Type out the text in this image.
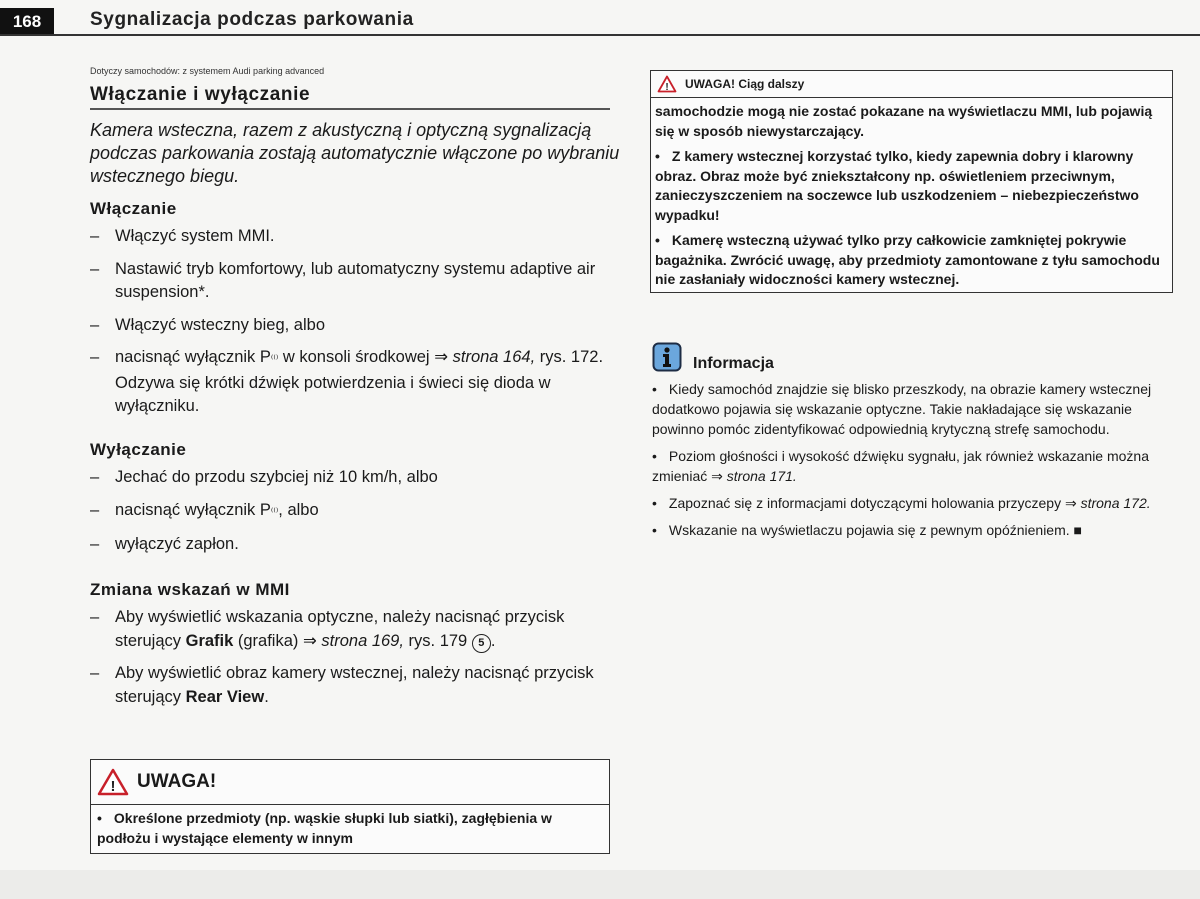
168	Sygnalizacja podczas parkowania
Dotyczy samochodów: z systemem Audi parking advanced
Włączanie i wyłączanie
Kamera wsteczna, razem z akustyczną i optyczną sygnalizacją podczas parkowania zostają automatycznie włączone po wybraniu wstecznego biegu.
Włączanie
– Włączyć system MMI.
– Nastawić tryb komfortowy, lub automatyczny systemu adaptive air suspension*.
– Włączyć wsteczny bieg, albo
– nacisnąć wyłącznik P⁽⁽⁾ w konsoli środkowej ⇒ strona 164, rys. 172. Odzywa się krótki dźwięk potwierdzenia i świeci się dioda w wyłączniku.
Wyłączanie
– Jechać do przodu szybciej niż 10 km/h, albo
– nacisnąć wyłącznik P⁽⁽⁾, albo
– wyłączyć zapłon.
Zmiana wskazań w MMI
– Aby wyświetlić wskazania optyczne, należy nacisnąć przycisk sterujący Grafik (grafika) ⇒ strona 169, rys. 179 5 .
– Aby wyświetlić obraz kamery wstecznej, należy nacisnąć przycisk sterujący Rear View.
! UWAGA!
• Określone przedmioty (np. wąskie słupki lub siatki), zagłębienia w podłożu i wystające elementy w innym
! UWAGA! Ciąg dalszy

samochodzie mogą nie zostać pokazane na wyświetlaczu MMI, lub pojawią się w sposób niewystarczający.

• Z kamery wstecznej korzystać tylko, kiedy zapewnia dobry i klarowny obraz. Obraz może być zniekształcony np. oświetleniem przeciwnym, zanieczyszczeniem na soczewce lub uszkodzeniem – niebezpieczeństwo wypadku!

• Kamerę wsteczną używać tylko przy całkowicie zamkniętej pokrywie bagażnika. Zwrócić uwagę, aby przedmioty zamontowane z tyłu samochodu nie zasłaniały widoczności kamery wstecznej.

Informacja

• Kiedy samochód znajdzie się blisko przeszkody, na obrazie kamery wstecznej dodatkowo pojawia się wskazanie optyczne. Takie nakładające się wskazanie powinno pomóc zidentyfikować odpowiednią krytyczną strefę samochodu.

• Poziom głośności i wysokość dźwięku sygnału, jak również wskazanie można zmieniać ⇒ strona 171.

• Zapoznać się z informacjami dotyczącymi holowania przyczepy ⇒ strona 172.

• Wskazanie na wyświetlaczu pojawia się z pewnym opóźnieniem. ■
